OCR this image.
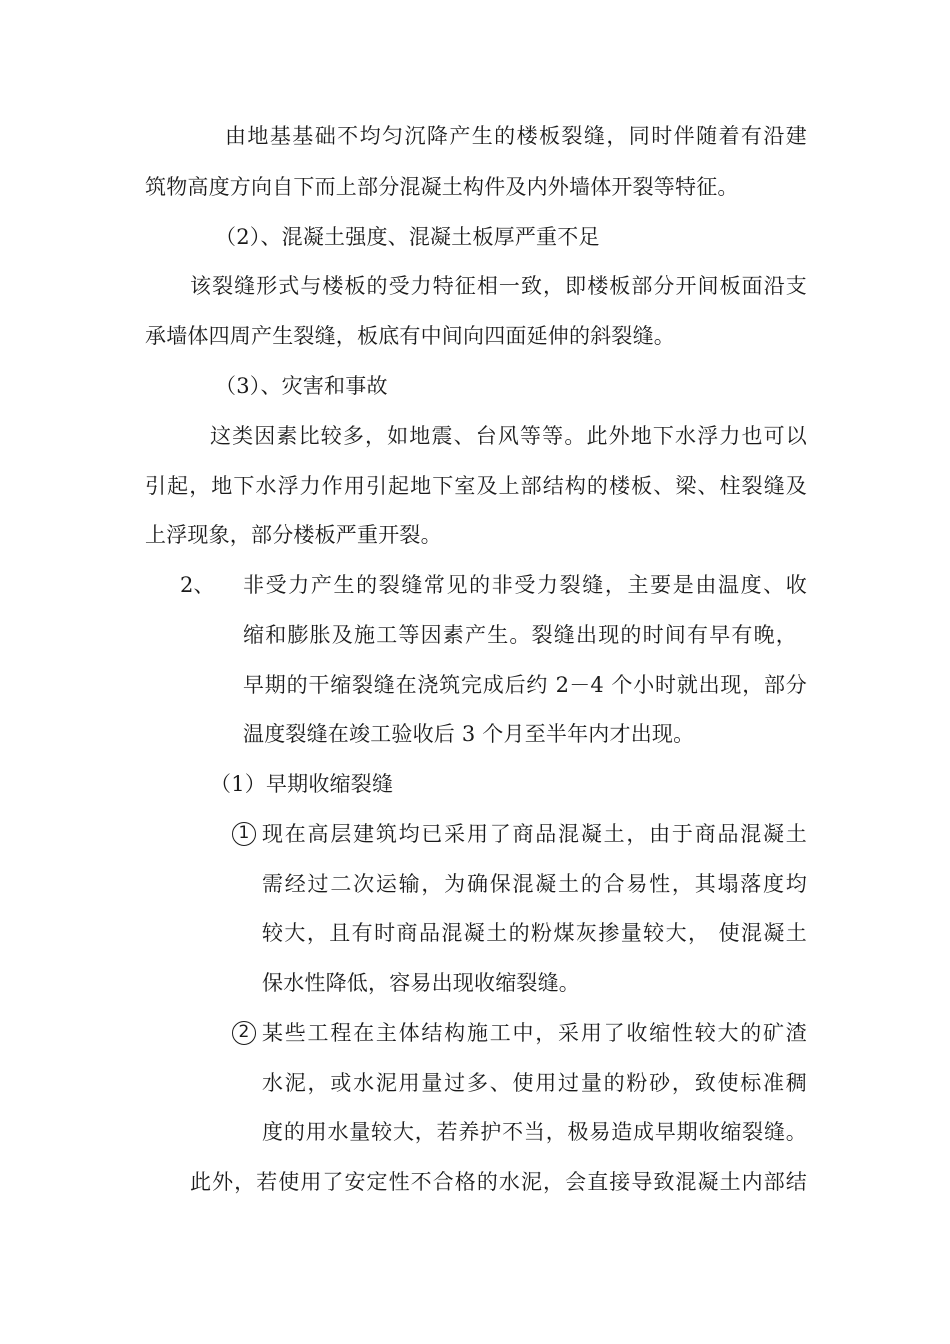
由地基基础不均匀沉降产生的楼板裂缝，同时伴随着有沿建
筑物高度方向自下而上部分混凝土构件及内外墙体开裂等特征。
（2）、混凝土强度、混凝土板厚严重不足
该裂缝形式与楼板的受力特征相一致，即楼板部分开间板面沿支
承墙体四周产生裂缝，板底有中间向四面延伸的斜裂缝。
（3）、灾害和事故
这类因素比较多，如地震、台风等等。此外地下水浮力也可以
引起，地下水浮力作用引起地下室及上部结构的楼板、梁、柱裂缝及
上浮现象，部分楼板严重开裂。
2、 非受力产生的裂缝常见的非受力裂缝，主要是由温度、收
缩和膨胀及施工等因素产生。裂缝出现的时间有早有晚，
早期的干缩裂缝在浇筑完成后约 2－4 个小时就出现，部分
温度裂缝在竣工验收后 3 个月至半年内才出现。
（1）早期收缩裂缝
1 现在高层建筑均已采用了商品混凝土，由于商品混凝土
需经过二次运输，为确保混凝土的合易性，其塌落度均
较大，且有时商品混凝土的粉煤灰掺量较大， 使混凝土
保水性降低，容易出现收缩裂缝。
2 某些工程在主体结构施工中，采用了收缩性较大的矿渣
水泥，或水泥用量过多、使用过量的粉砂，致使标准稠
度的用水量较大，若养护不当，极易造成早期收缩裂缝。
此外，若使用了安定性不合格的水泥，会直接导致混凝土内部结
